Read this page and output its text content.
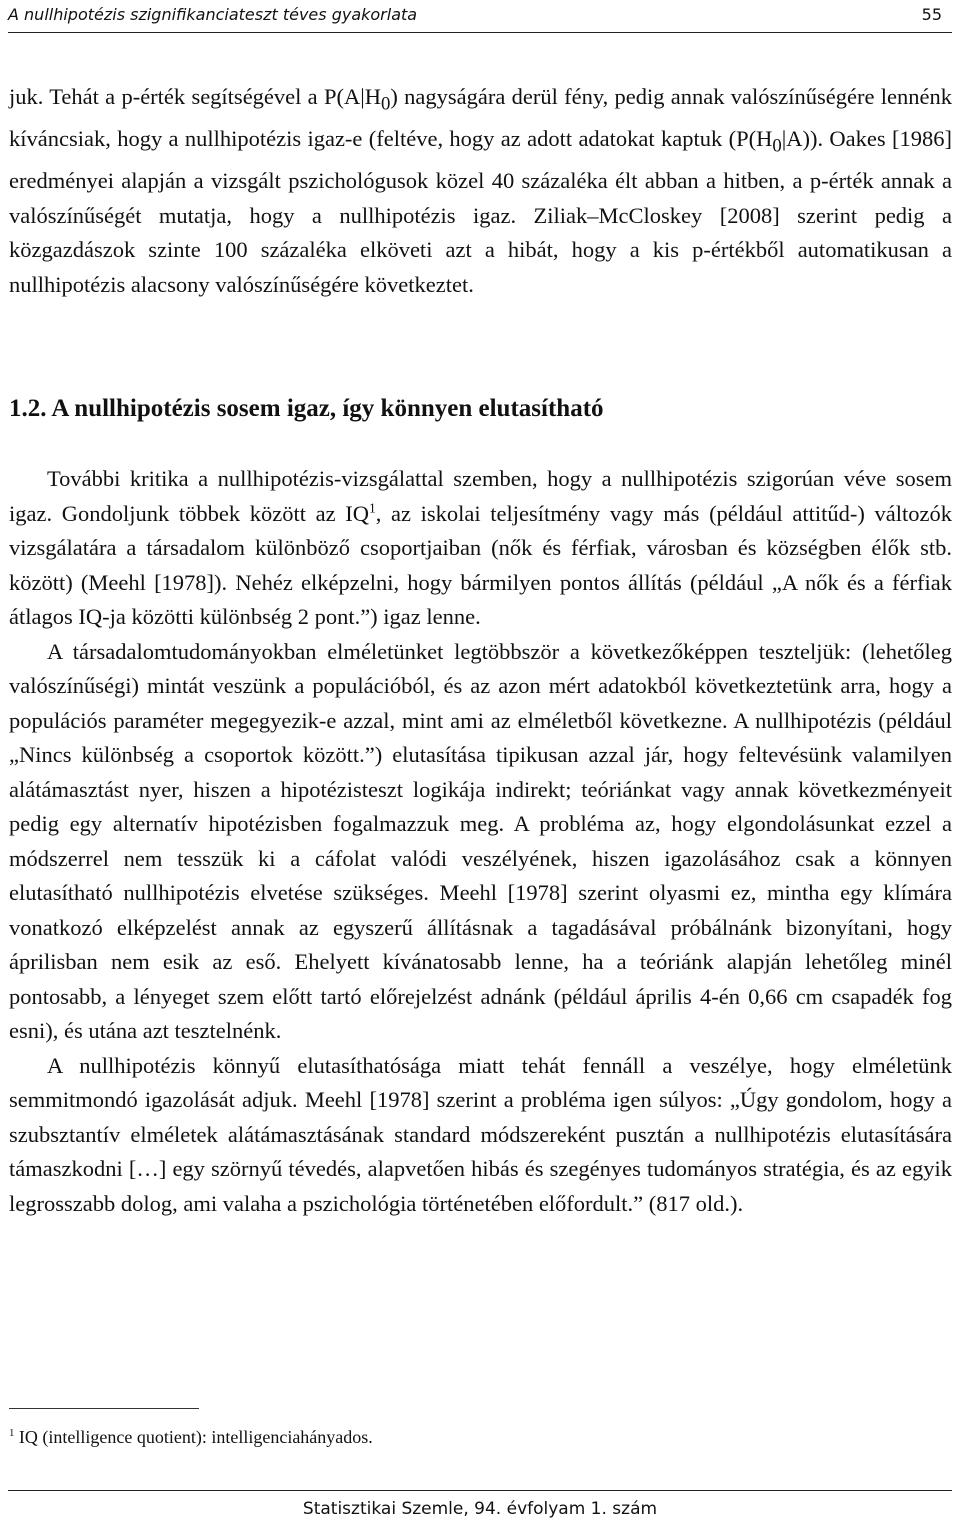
A nullhipotézis szignifikanciateszt téves gyakorlata	55

juk. Tehát a p-érték segítségével a $P(A|H_0)$ nagyságára derül fény, pedig annak valószínűségére lennénk kíváncsiak, hogy a nullhipotézis igaz-e (feltéve, hogy az adott adatokat kaptuk $(P(H_0|A))$. Oakes [1986] eredményei alapján a vizsgált pszichológusok közel 40 százaléka élt abban a hitben, a p-érték annak a valószínűségét mutatja, hogy a nullhipotézis igaz. Ziliak–McCloskey [2008] szerint pedig a közgazdászok szinte 100 százaléka elköveti azt a hibát, hogy a kis p-értékből automatikusan a nullhipotézis alacsony valószínűségére következtet.

1.2. A nullhipotézis sosem igaz, így könnyen elutasítható

További kritika a nullhipotézis-vizsgálattal szemben, hogy a nullhipotézis szigorúan véve sosem igaz. Gondoljunk többek között az $IQ^1$, az iskolai teljesítmény vagy más (például attitűd-) változók vizsgálatára a társadalom különböző csoportjaiban (nők és férfiak, városban és községben élők stb. között) (Meehl [1978]). Nehéz elképzelni, hogy bármilyen pontos állítás (például „A nők és a férfiak átlagos IQ-ja közötti különbség 2 pont.”) igaz lenne.

A társadalomtudományokban elméletünket legtöbbször a következőképpen teszteljük: (lehetőleg valószínűségi) mintát veszünk a populációból, és az azon mért adatokból következtetünk arra, hogy a populációs paraméter megegyezik-e azzal, mint ami az elméletből következne. A nullhipotézis (például „Nincs különbség a csoportok között.”) elutasítása tipikusan azzal jár, hogy feltevésünk valamilyen alátámasztást nyer, hiszen a hipotézisteszt logikája indirekt; teóriánkat vagy annak következményeit pedig egy alternatív hipotézisben fogalmazzuk meg. A probléma az, hogy elgondolásunkat ezzel a módszerrel nem tesszük ki a cáfolat valódi veszélyének, hiszen igazolásához csak a könnyen elutasítható nullhipotézis elvetése szükséges. Meehl [1978] szerint olyasmi ez, mintha egy klímára vonatkozó elképzelést annak az egyszerű állításnak a tagadásával próbálnánk bizonyítani, hogy áprilisban nem esik az eső. Ehelyett kívánatosabb lenne, ha a teóriánk alapján lehetőleg minél pontosabb, a lényeget szem előtt tartó előrejelzést adnánk (például április 4-én 0,66 cm csapadék fog esni), és utána azt tesztelnénk.

A nullhipotézis könnyű elutasíthatósága miatt tehát fennáll a veszélye, hogy elméletünk semmitmondó igazolását adjuk. Meehl [1978] szerint a probléma igen súlyos: „Úgy gondolom, hogy a szubsztantív elméletek alátámasztásának standard módszereként pusztán a nullhipotézis elutasítására támaszkodni […] egy szörnyű tévedés, alapvetően hibás és szegényes tudományos stratégia, és az egyik legrosszabb dolog, ami valaha a pszichológia történetében előfordult.” (817 old.).

$^1$ IQ (intelligence quotient): intelligenciahányados.
Statisztikai Szemle, 94. évfolyam 1. szám
